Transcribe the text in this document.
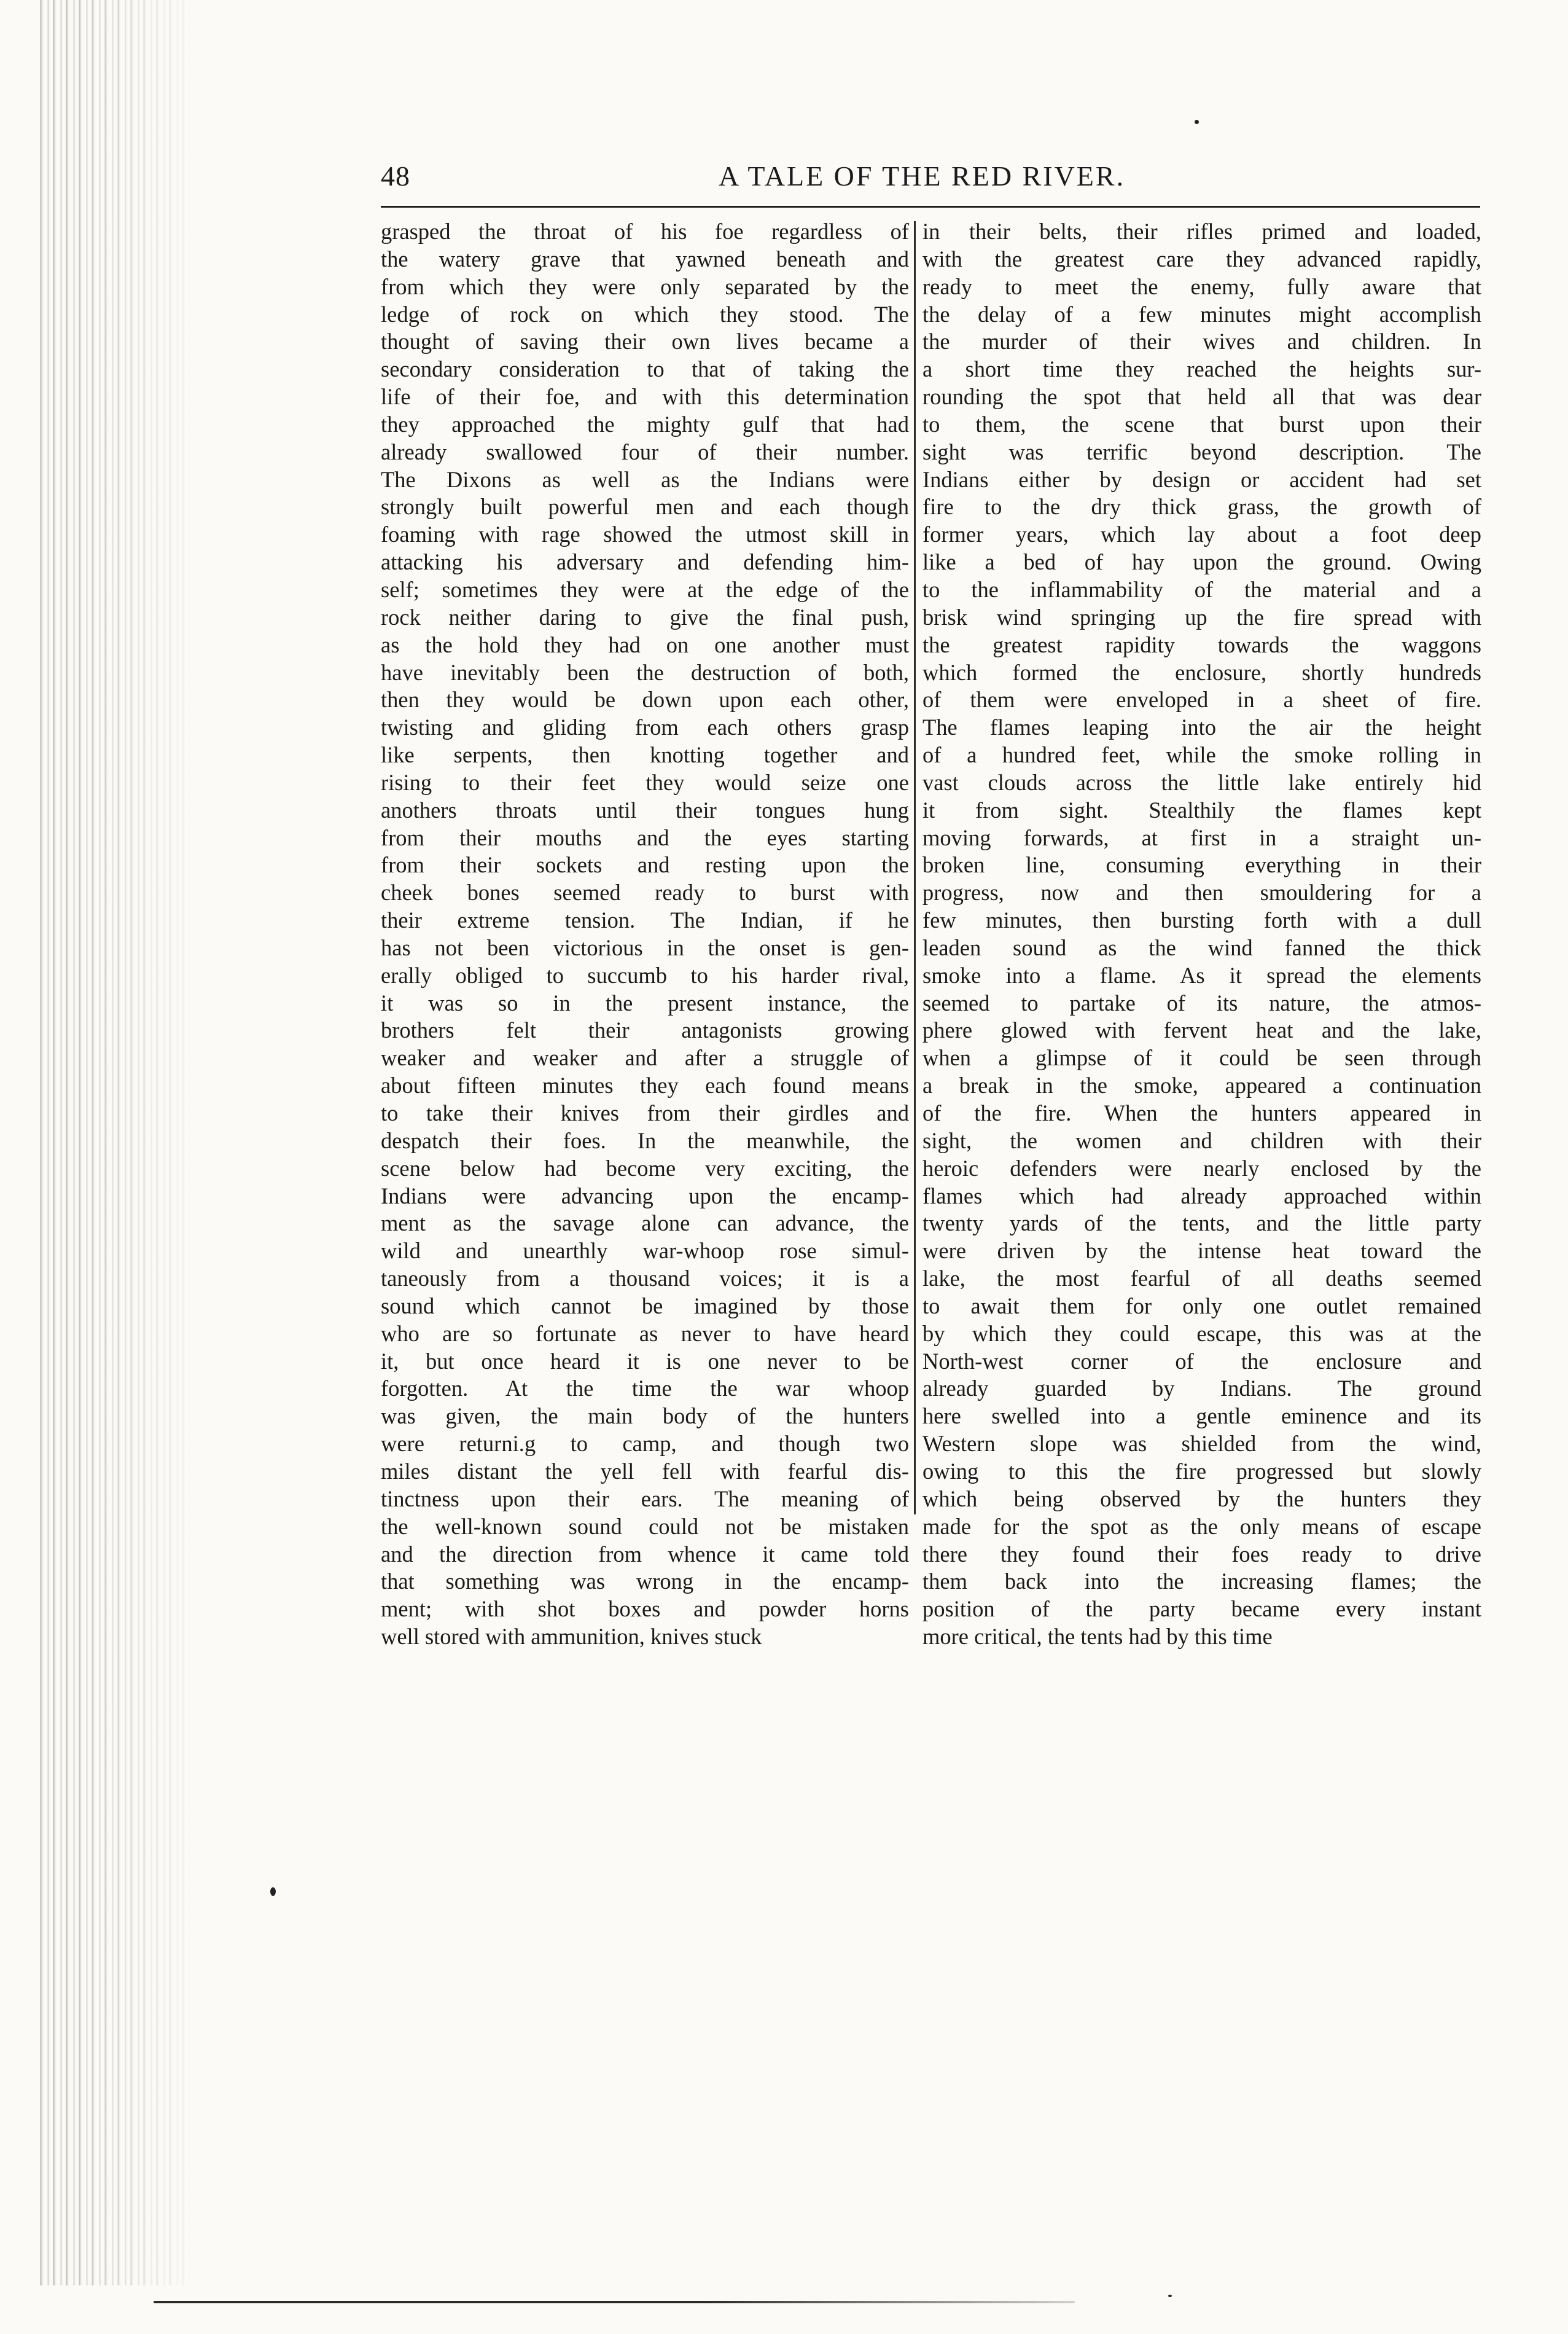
48	A TALE OF THE RED RIVER.
grasped the throat of his foe regardless of
the watery grave that yawned beneath and
from which they were only separated by the
ledge of rock on which they stood. The
thought of saving their own lives became a
secondary consideration to that of taking the
life of their foe, and with this determination
they approached the mighty gulf that had
already swallowed four of their number.
The Dixons as well as the Indians were
strongly built powerful men and each though
foaming with rage showed the utmost skill in
attacking his adversary and defending him-
self; sometimes they were at the edge of the
rock neither daring to give the final push,
as the hold they had on one another must
have inevitably been the destruction of both,
then they would be down upon each other,
twisting and gliding from each others grasp
like serpents, then knotting together and
rising to their feet they would seize one
anothers throats until their tongues hung
from their mouths and the eyes starting
from their sockets and resting upon the
cheek bones seemed ready to burst with
their extreme tension. The Indian, if he
has not been victorious in the onset is gen-
erally obliged to succumb to his harder rival,
it was so in the present instance, the
brothers felt their antagonists growing
weaker and weaker and after a struggle of
about fifteen minutes they each found means
to take their knives from their girdles and
despatch their foes. In the meanwhile, the
scene below had become very exciting, the
Indians were advancing upon the encamp-
ment as the savage alone can advance, the
wild and unearthly war-whoop rose simul-
taneously from a thousand voices; it is a
sound which cannot be imagined by those
who are so fortunate as never to have heard
it, but once heard it is one never to be
forgotten. At the time the war whoop
was given, the main body of the hunters
were returni.g to camp, and though two
miles distant the yell fell with fearful dis-
tinctness upon their ears. The meaning of
the well-known sound could not be mistaken
and the direction from whence it came told
that something was wrong in the encamp-
ment; with shot boxes and powder horns
well stored with ammunition, knives stuck
in their belts, their rifles primed and loaded,
with the greatest care they advanced rapidly,
ready to meet the enemy, fully aware that
the delay of a few minutes might accomplish
the murder of their wives and children. In
a short time they reached the heights sur-
rounding the spot that held all that was dear
to them, the scene that burst upon their
sight was terrific beyond description. The
Indians either by design or accident had set
fire to the dry thick grass, the growth of
former years, which lay about a foot deep
like a bed of hay upon the ground. Owing
to the inflammability of the material and a
brisk wind springing up the fire spread with
the greatest rapidity towards the waggons
which formed the enclosure, shortly hundreds
of them were enveloped in a sheet of fire.
The flames leaping into the air the height
of a hundred feet, while the smoke rolling in
vast clouds across the little lake entirely hid
it from sight. Stealthily the flames kept
moving forwards, at first in a straight un-
broken line, consuming everything in their
progress, now and then smouldering for a
few minutes, then bursting forth with a dull
leaden sound as the wind fanned the thick
smoke into a flame. As it spread the elements
seemed to partake of its nature, the atmos-
phere glowed with fervent heat and the lake,
when a glimpse of it could be seen through
a break in the smoke, appeared a continuation
of the fire. When the hunters appeared in
sight, the women and children with their
heroic defenders were nearly enclosed by the
flames which had already approached within
twenty yards of the tents, and the little party
were driven by the intense heat toward the
lake, the most fearful of all deaths seemed
to await them for only one outlet remained
by which they could escape, this was at the
North-west corner of the enclosure and
already guarded by Indians. The ground
here swelled into a gentle eminence and its
Western slope was shielded from the wind,
owing to this the fire progressed but slowly
which being observed by the hunters they
made for the spot as the only means of escape
there they found their foes ready to drive
them back into the increasing flames; the
position of the party became every instant
more critical, the tents had by this time
